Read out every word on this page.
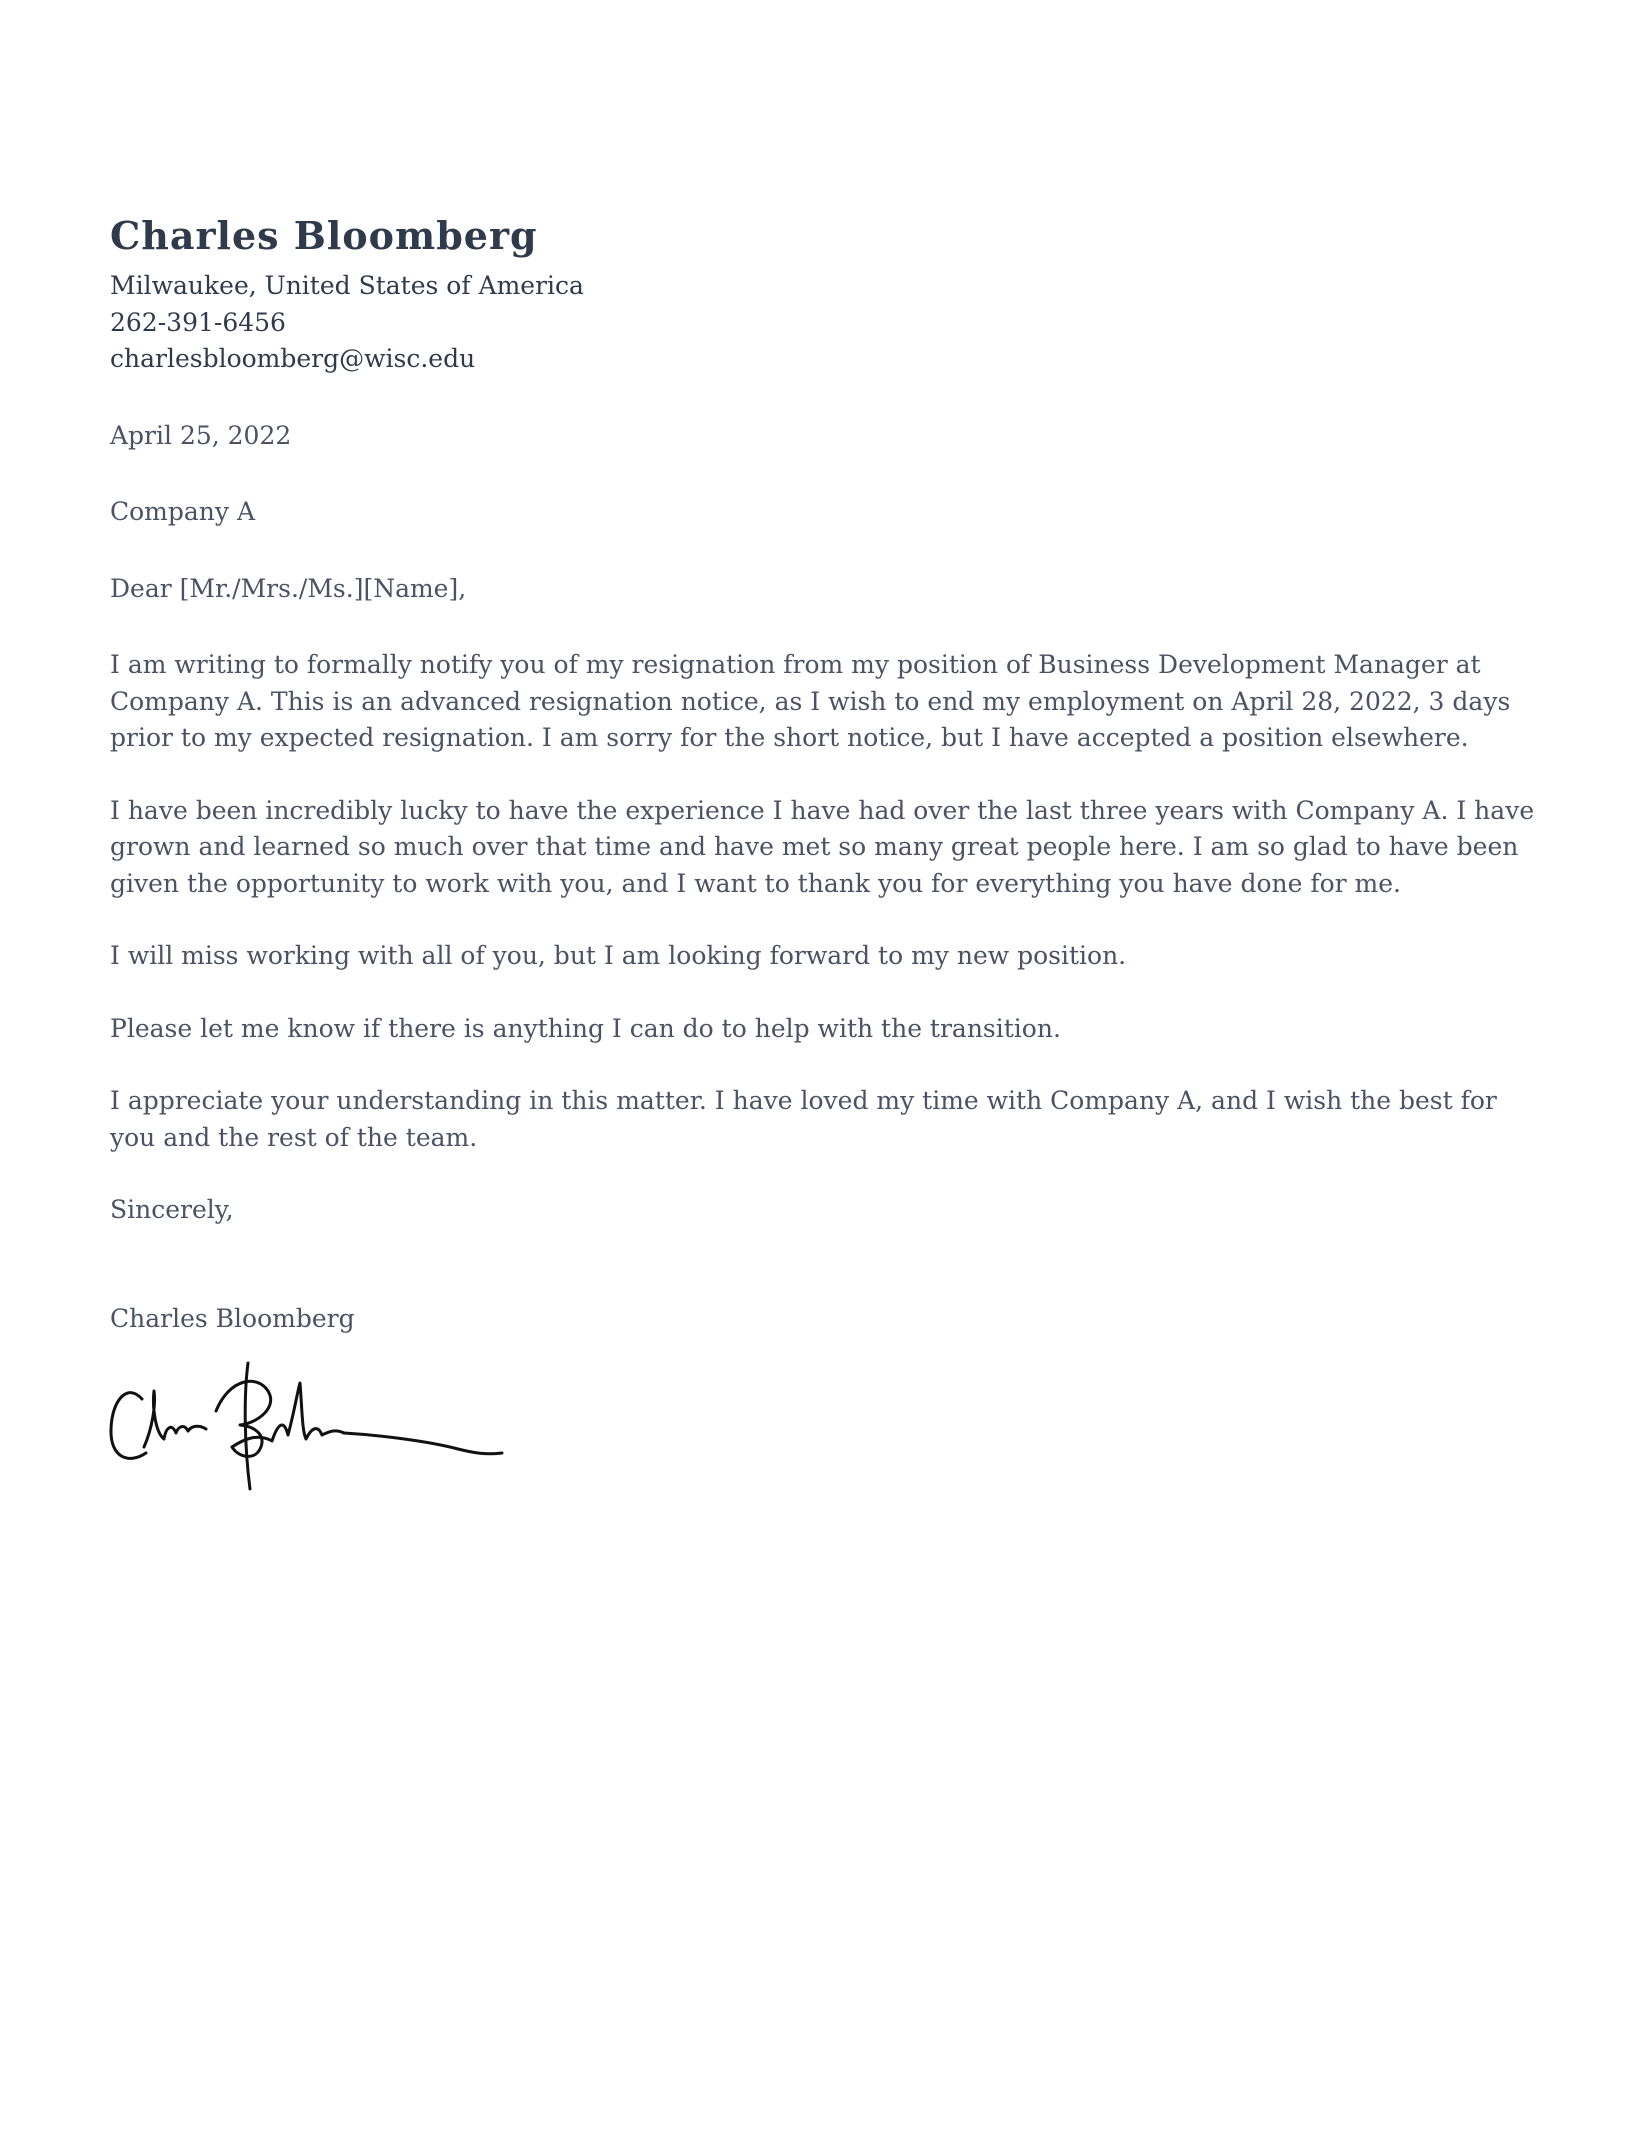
Charles Bloomberg
Milwaukee, United States of America
262-391-6456
charlesbloomberg@wisc.edu

April 25, 2022

Company A

Dear [Mr./Mrs./Ms.][Name],

I am writing to formally notify you of my resignation from my position of Business Development Manager at Company A. This is an advanced resignation notice, as I wish to end my employment on April 28, 2022, 3 days prior to my expected resignation. I am sorry for the short notice, but I have accepted a position elsewhere.

I have been incredibly lucky to have the experience I have had over the last three years with Company A. I have grown and learned so much over that time and have met so many great people here. I am so glad to have been given the opportunity to work with you, and I want to thank you for everything you have done for me.

I will miss working with all of you, but I am looking forward to my new position.

Please let me know if there is anything I can do to help with the transition.

I appreciate your understanding in this matter. I have loved my time with Company A, and I wish the best for you and the rest of the team.

Sincerely,

Charles Bloomberg
